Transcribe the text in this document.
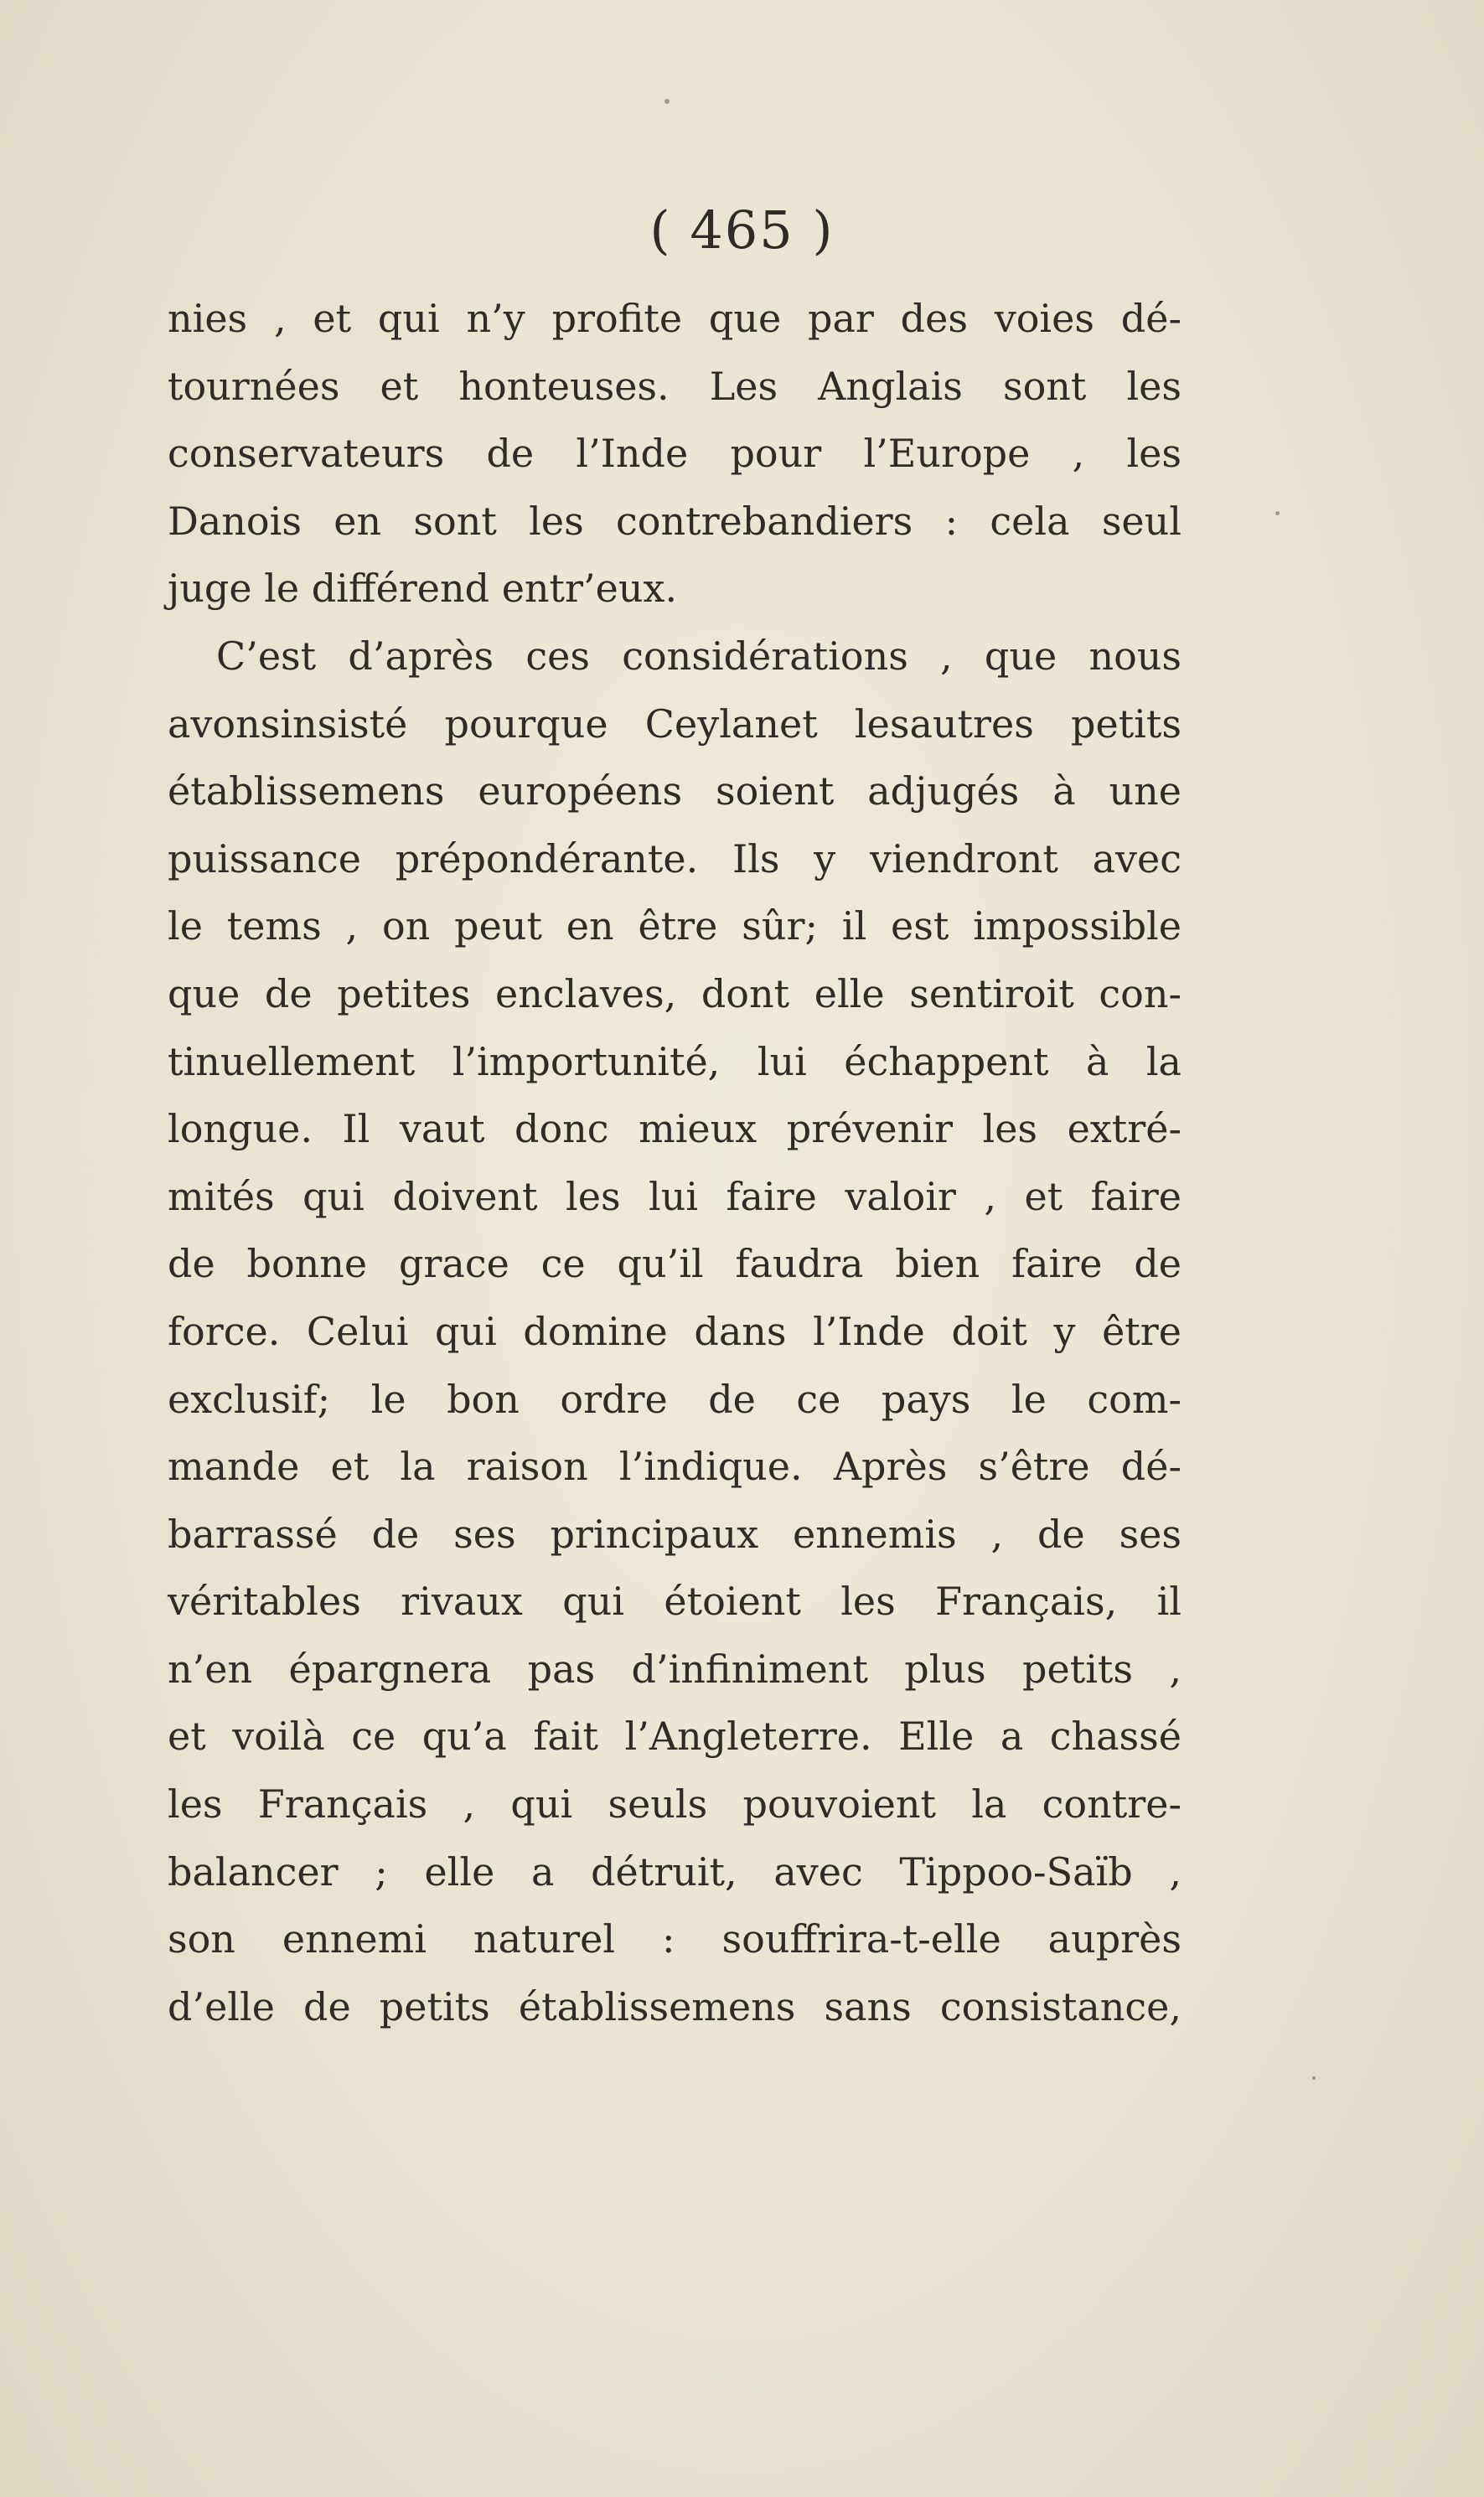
( 465 )
nies , et qui n’y profite que par des voies dé-
tournées et honteuses. Les Anglais sont les
conservateurs de l’Inde pour l’Europe , les
Danois en sont les contrebandiers : cela seul
juge le différend entr’eux.
C’est d’après ces considérations , que nous
avonsinsisté pourque Ceylanet lesautres petits
établissemens européens soient adjugés à une
puissance prépondérante. Ils y viendront avec
le tems , on peut en être sûr; il est impossible
que de petites enclaves, dont elle sentiroit con-
tinuellement l’importunité, lui échappent à la
longue. Il vaut donc mieux prévenir les extré-
mités qui doivent les lui faire valoir , et faire
de bonne grace ce qu’il faudra bien faire de
force. Celui qui domine dans l’Inde doit y être
exclusif; le bon ordre de ce pays le com-
mande et la raison l’indique. Après s’être dé-
barrassé de ses principaux ennemis , de ses
véritables rivaux qui étoient les Français, il
n’en épargnera pas d’infiniment plus petits ,
et voilà ce qu’a fait l’Angleterre. Elle a chassé
les Français , qui seuls pouvoient la contre-
balancer ; elle a détruit, avec Tippoo-Saïb ,
son ennemi naturel : souffrira-t-elle auprès
d’elle de petits établissemens sans consistance,
